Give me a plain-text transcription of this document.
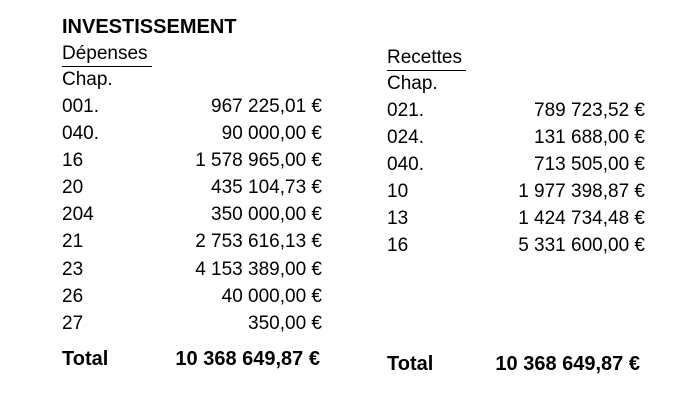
INVESTISSEMENT
Dépenses
Chap.
001.	967 225,01 €
040.	90 000,00 €
16	1 578 965,00 €
20	435 104,73 €
204	350 000,00 €
21	2 753 616,13 €
23	4 153 389,00 €
26	40 000,00 €
27	350,00 €
Total	10 368 649,87 €
Recettes
Chap.
021.	789 723,52 €
024.	131 688,00 €
040.	713 505,00 €
10	1 977 398,87 €
13	1 424 734,48 €
16	5 331 600,00 €
Total	10 368 649,87 €
